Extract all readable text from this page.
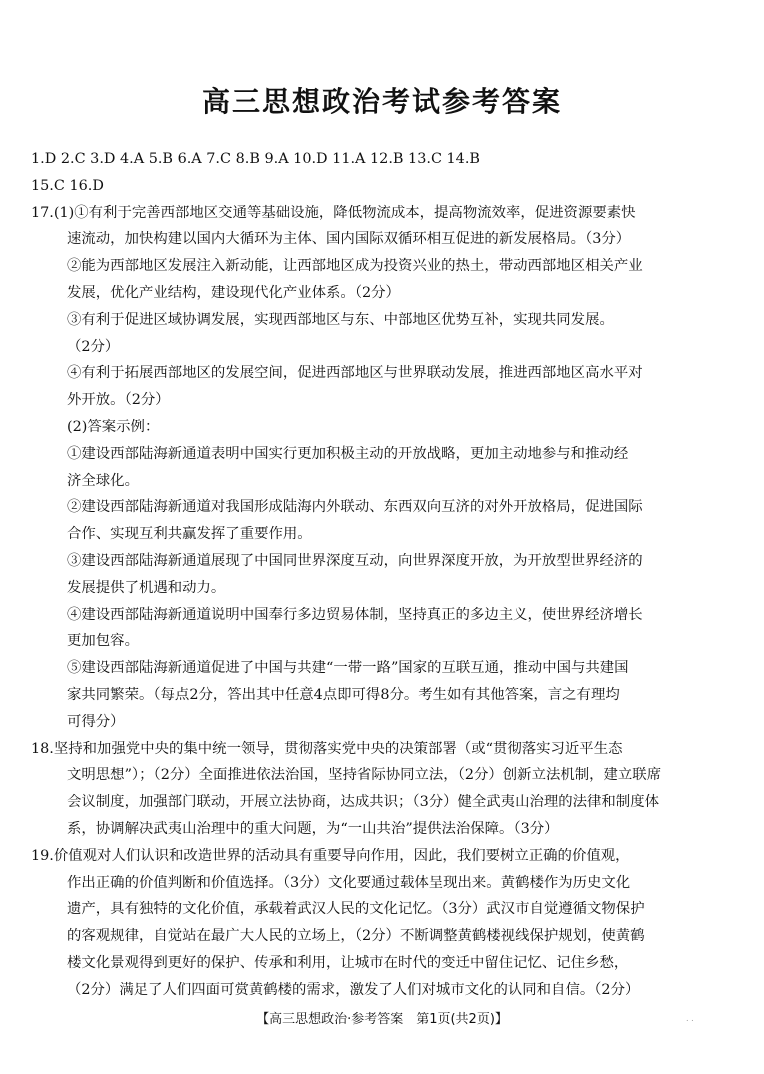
高三思想政治考试参考答案
1.D 2.C 3.D 4.A 5.B 6.A 7.C 8.B 9.A 10.D 11.A 12.B 13.C 14.B
15.C 16.D
17.(1)①有利于完善西部地区交通等基础设施，降低物流成本，提高物流效率，促进资源要素快
速流动，加快构建以国内大循环为主体、国内国际双循环相互促进的新发展格局。（3分）
②能为西部地区发展注入新动能，让西部地区成为投资兴业的热土，带动西部地区相关产业
发展，优化产业结构，建设现代化产业体系。（2分）
③有利于促进区域协调发展，实现西部地区与东、中部地区优势互补，实现共同发展。
（2分）
④有利于拓展西部地区的发展空间，促进西部地区与世界联动发展，推进西部地区高水平对
外开放。（2分）
(2)答案示例：
①建设西部陆海新通道表明中国实行更加积极主动的开放战略，更加主动地参与和推动经
济全球化。
②建设西部陆海新通道对我国形成陆海内外联动、东西双向互济的对外开放格局，促进国际
合作、实现互利共赢发挥了重要作用。
③建设西部陆海新通道展现了中国同世界深度互动，向世界深度开放，为开放型世界经济的
发展提供了机遇和动力。
④建设西部陆海新通道说明中国奉行多边贸易体制，坚持真正的多边主义，使世界经济增长
更加包容。
⑤建设西部陆海新通道促进了中国与共建“一带一路”国家的互联互通，推动中国与共建国
家共同繁荣。（每点2分，答出其中任意4点即可得8分。考生如有其他答案，言之有理均
可得分）
18.坚持和加强党中央的集中统一领导，贯彻落实党中央的决策部署（或“贯彻落实习近平生态
文明思想”）；（2分）全面推进依法治国，坚持省际协同立法，（2分）创新立法机制，建立联席
会议制度，加强部门联动，开展立法协商，达成共识；（3分）健全武夷山治理的法律和制度体
系，协调解决武夷山治理中的重大问题，为“一山共治”提供法治保障。（3分）
19.价值观对人们认识和改造世界的活动具有重要导向作用，因此，我们要树立正确的价值观，
作出正确的价值判断和价值选择。（3分）文化要通过载体呈现出来。黄鹤楼作为历史文化
遗产，具有独特的文化价值，承载着武汉人民的文化记忆。（3分）武汉市自觉遵循文物保护
的客观规律，自觉站在最广大人民的立场上，（2分）不断调整黄鹤楼视线保护规划，使黄鹤
楼文化景观得到更好的保护、传承和利用，让城市在时代的变迁中留住记忆、记住乡愁，
（2分）满足了人们四面可赏黄鹤楼的需求，激发了人们对城市文化的认同和自信。（2分）
【高三思想政治·参考答案　第1页(共2页)】	. .
